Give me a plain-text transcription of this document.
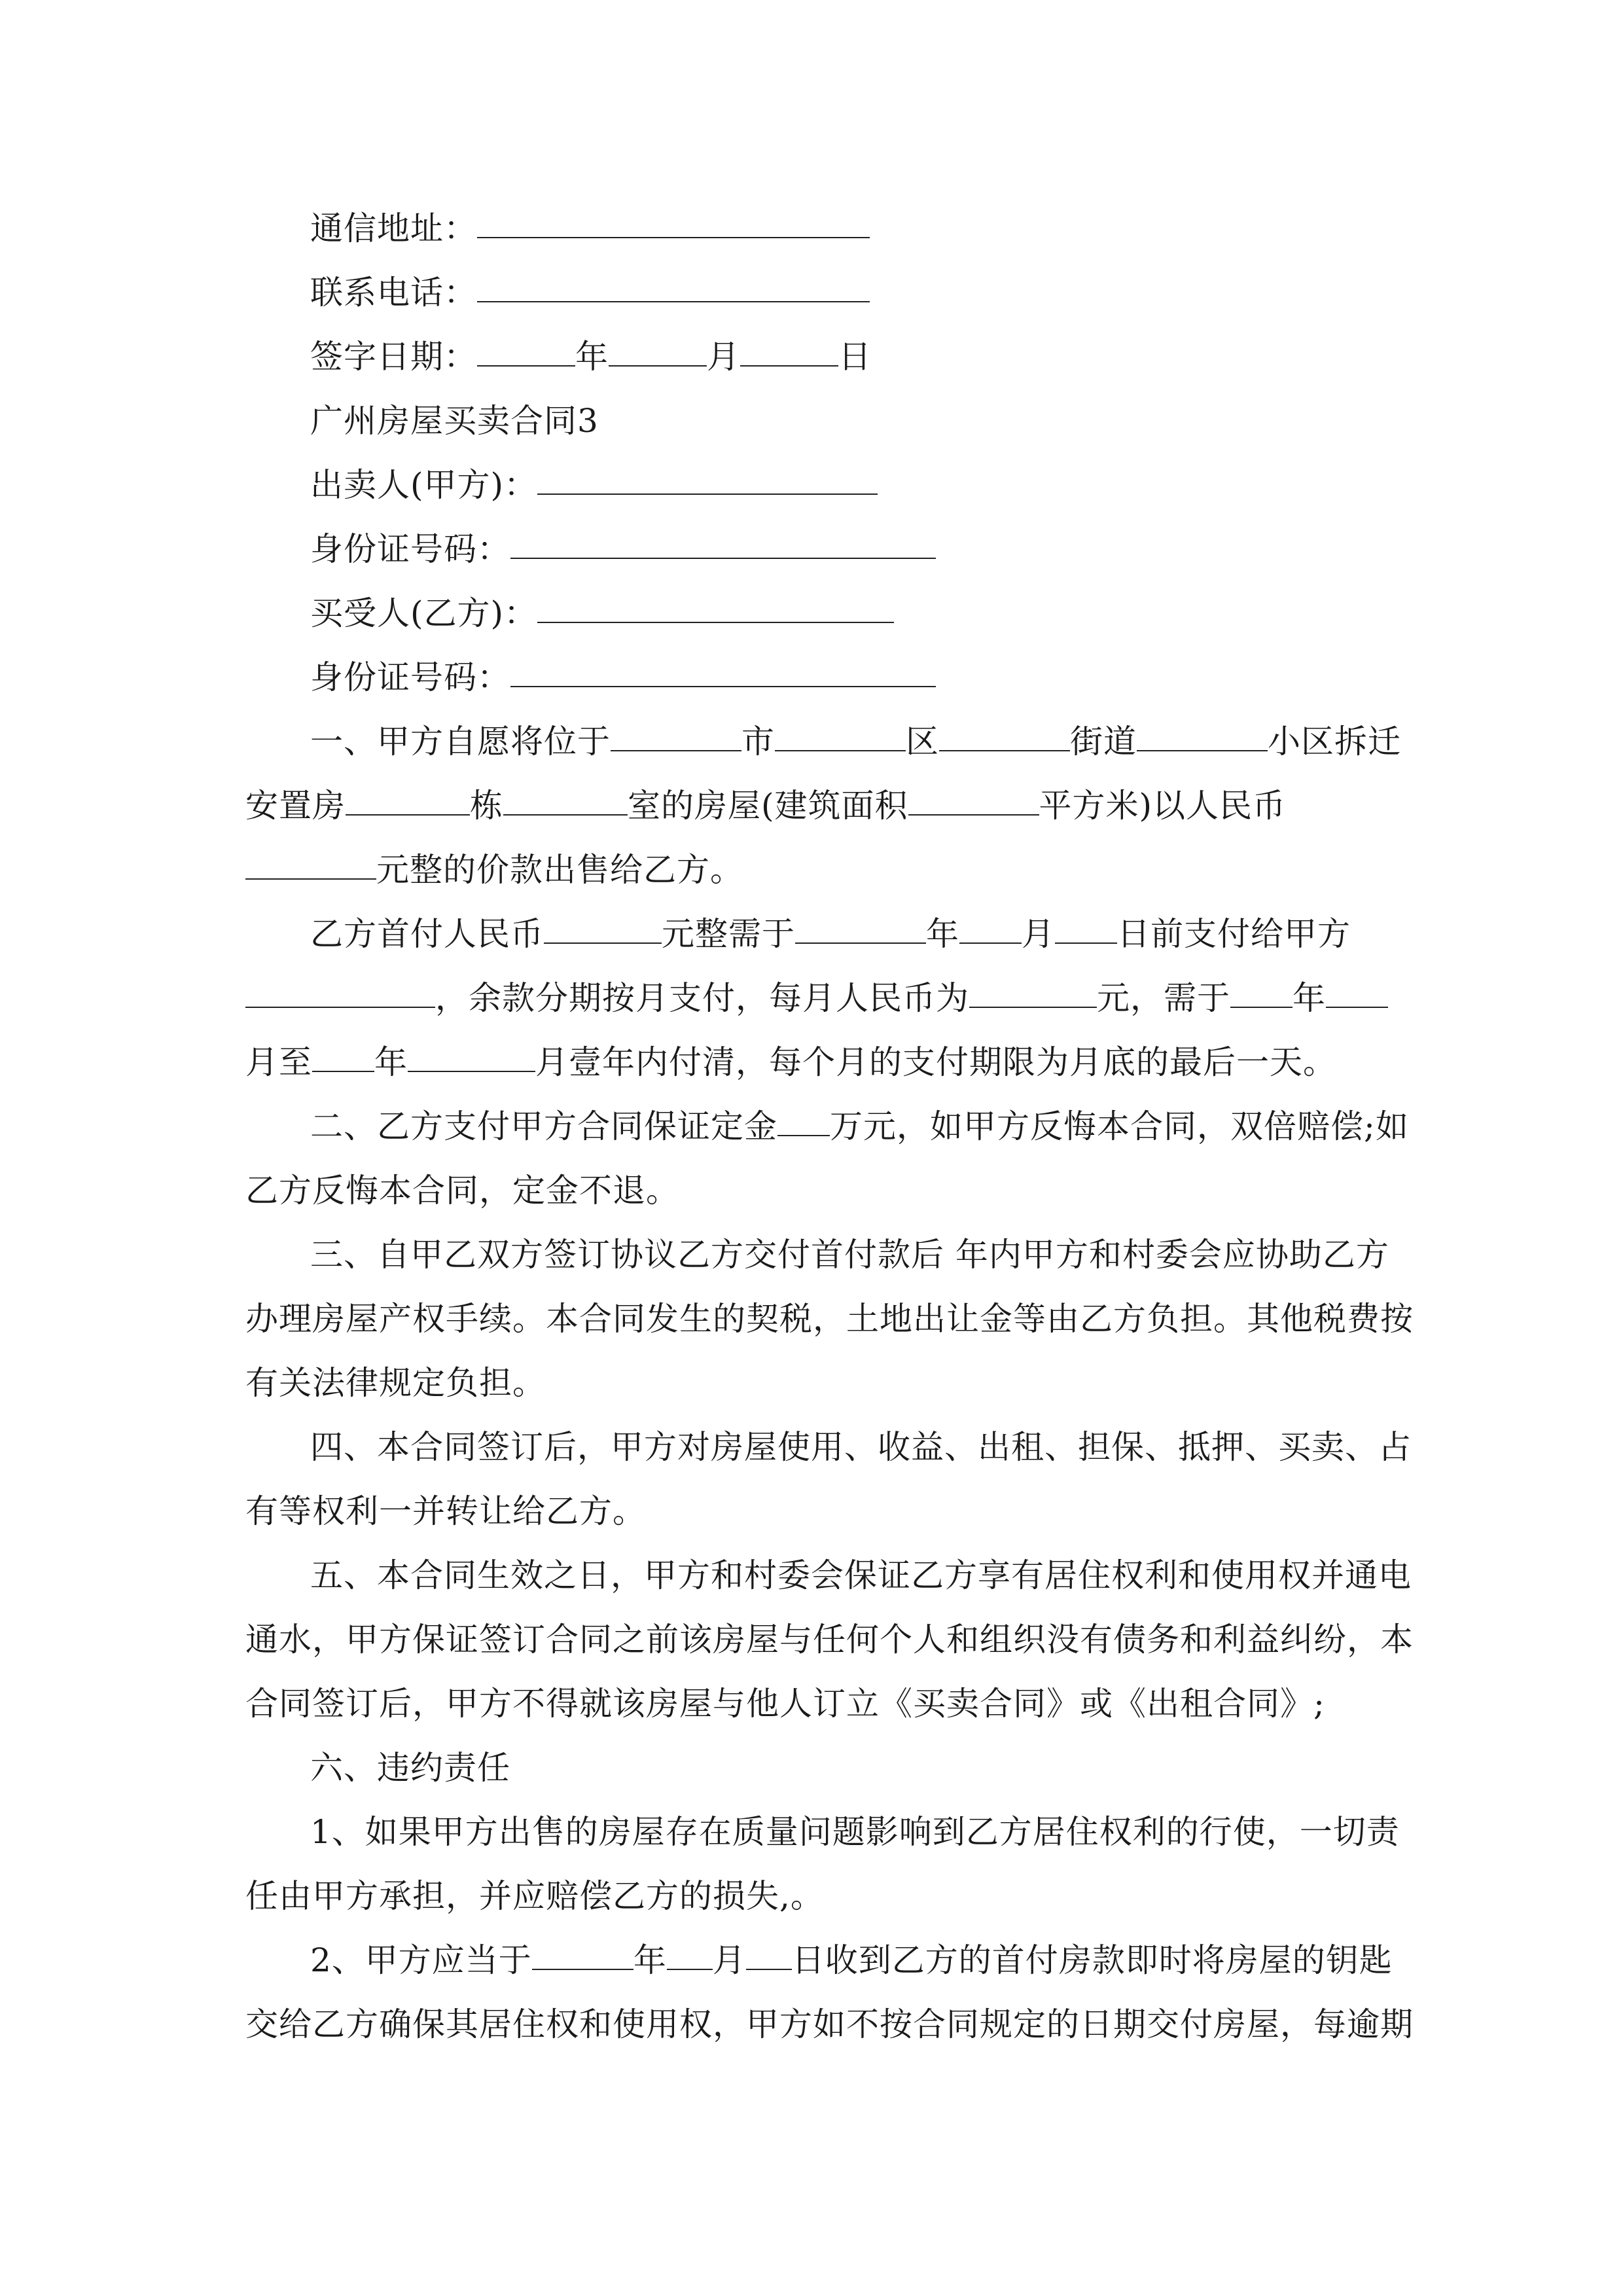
通信地址：
联系电话：
签字日期：	年	月	日
广州房屋买卖合同3
出卖人(甲方)：
身份证号码：
买受人(乙方)：
身份证号码：
一、甲方自愿将位于	市	区	街道	小区拆迁
安置房	栋	室的房屋(建筑面积	平方米)以人民币
元整的价款出售给乙方。
乙方首付人民币	元整需于	年 月 日前支付给甲方
，余款分期按月支付，每月人民币为	元，需于 年
月至 年	月壹年内付清，每个月的支付期限为月底的最后一天。
二、乙方支付甲方合同保证定金 万元，如甲方反悔本合同，双倍赔偿;如
乙方反悔本合同，定金不退。
三、自甲乙双方签订协议乙方交付首付款后 年内甲方和村委会应协助乙方
办理房屋产权手续。本合同发生的契税，土地出让金等由乙方负担。其他税费按
有关法律规定负担。
四、本合同签订后，甲方对房屋使用、收益、出租、担保、抵押、买卖、占
有等权利一并转让给乙方。
五、本合同生效之日，甲方和村委会保证乙方享有居住权利和使用权并通电
通水，甲方保证签订合同之前该房屋与任何个人和组织没有债务和利益纠纷，本
合同签订后，甲方不得就该房屋与他人订立《买卖合同》或《出租合同》;
六、违约责任
1、如果甲方出售的房屋存在质量问题影响到乙方居住权利的行使，一切责
任由甲方承担，并应赔偿乙方的损失,。
2、甲方应当于	年 月 日收到乙方的首付房款即时将房屋的钥匙
交给乙方确保其居住权和使用权，甲方如不按合同规定的日期交付房屋，每逾期
